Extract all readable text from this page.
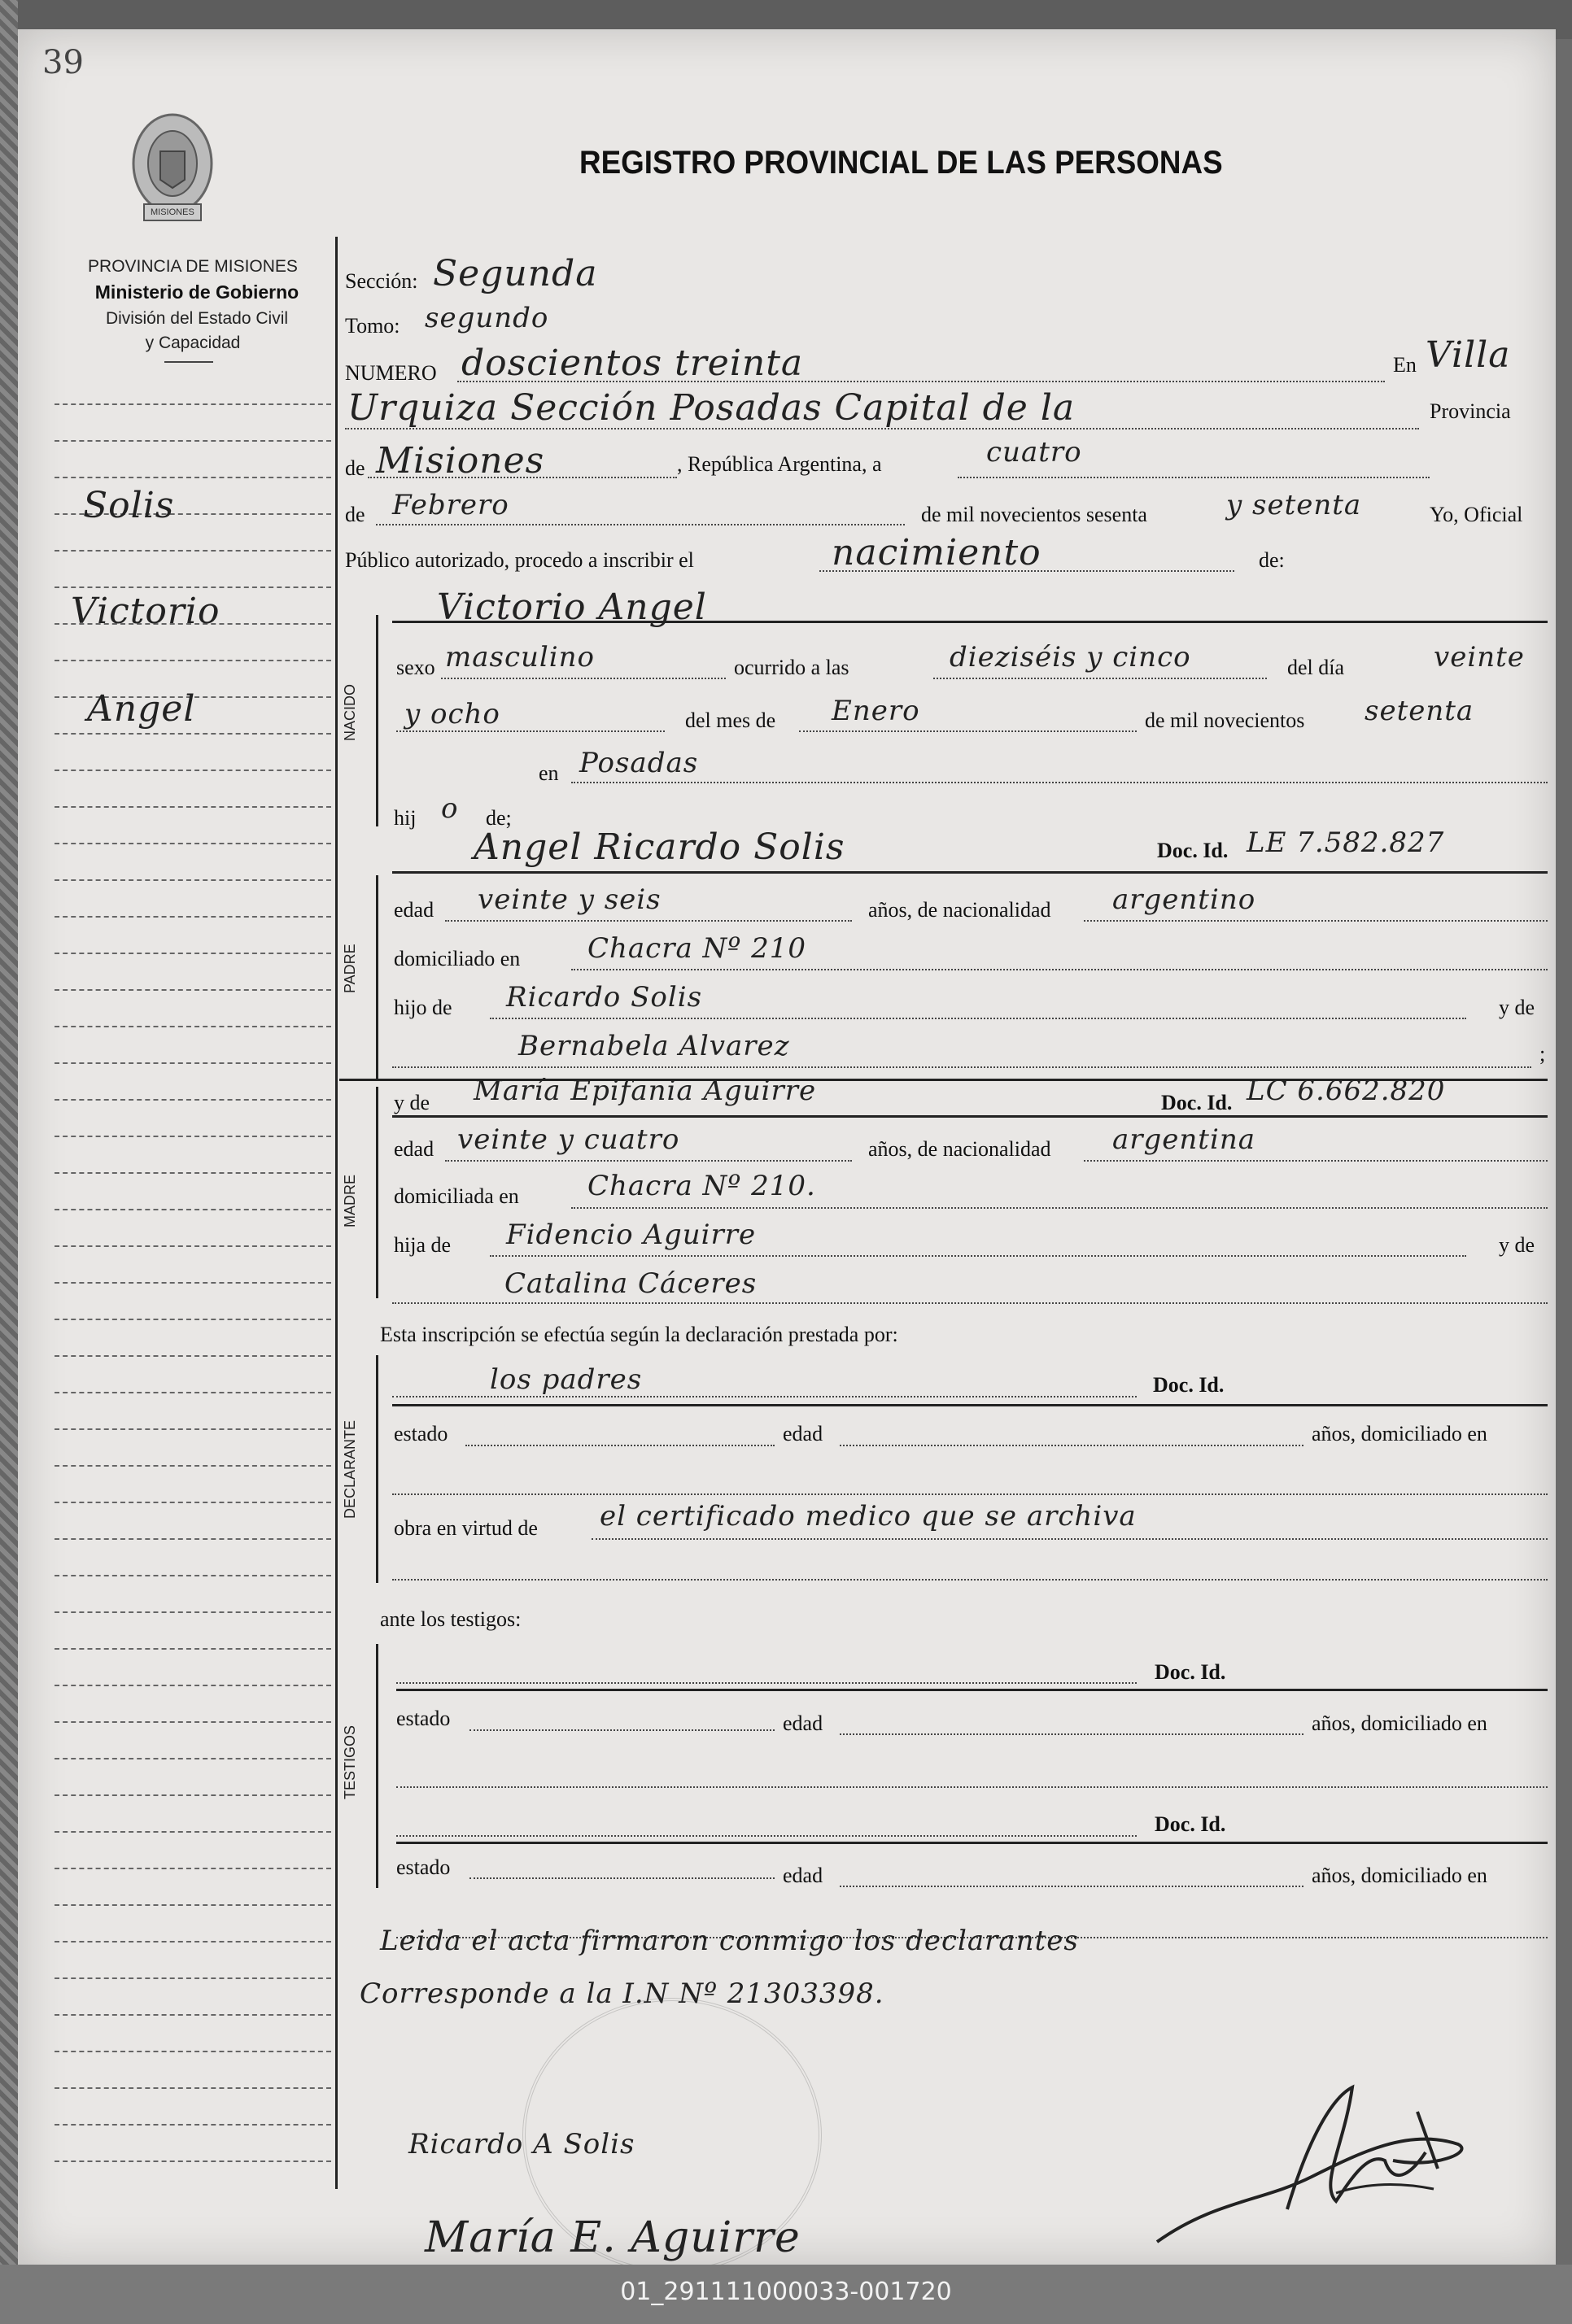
39
MISIONES
PROVINCIA DE MISIONES
Ministerio de Gobierno
División del Estado Civil
y Capacidad
REGISTRO PROVINCIAL DE LAS PERSONAS
Solis
Victorio
Angel
Sección: Segunda
Tomo: segundo
NUMERO doscientos treinta	En Villa
Urquiza Sección Posadas Capital de la	Provincia
de Misiones	, República Argentina, a	cuatro
de Febrero	de mil novecientos sesenta	y setenta	Yo, Oficial
Público autorizado, procedo a inscribir el	nacimiento	de:
NACIDO
Victorio Angel
sexo masculino	ocurrido a las	dieziséis y cinco	del día	veinte
y ocho	del mes de Enero	de mil novecientos setenta
en Posadas
hij o de;
PADRE
Angel Ricardo Solis	Doc. Id. LE 7.582.827
edad veinte y seis	años, de nacionalidad argentino
domiciliado en Chacra Nº 210
hijo de Ricardo Solis	y de
Bernabela Alvarez	;
MADRE
y de María Epifania Aguirre	Doc. Id. LC 6.662.820
edad veinte y cuatro	años, de nacionalidad argentina
domiciliada en Chacra Nº 210.
hija de Fidencio Aguirre	y de
Catalina Cáceres
Esta inscripción se efectúa según la declaración prestada por:
DECLARANTE
los padres	Doc. Id.
estado	edad	años, domiciliado en
obra en virtud de el certificado medico que se archiva
ante los testigos:
TESTIGOS
Doc. Id.
estado	edad	años, domiciliado en
Doc. Id.
estado	edad	años, domiciliado en
Leida el acta firmaron conmigo los declarantes
Corresponde a la I.N Nº 21303398.
Ricardo A Solis
María E. Aguirre
01_291111000033-001720
